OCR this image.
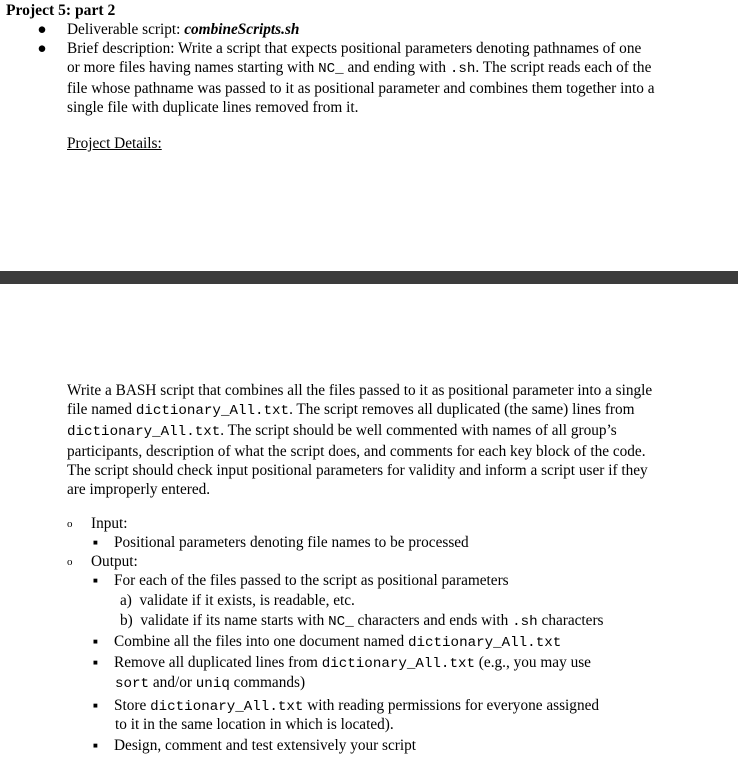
Project 5: part 2
● Deliverable script: combineScripts.sh
● Brief description: Write a script that expects positional parameters denoting pathnames of one or more files having names starting with NC_ and ending with .sh. The script reads each of the file whose pathname was passed to it as positional parameter and combines them together into a single file with duplicate lines removed from it.
Project Details:
Write a BASH script that combines all the files passed to it as positional parameter into a single file named dictionary_All.txt. The script removes all duplicated (the same) lines from dictionary_All.txt. The script should be well commented with names of all group’s participants, description of what the script does, and comments for each key block of the code. The script should check input positional parameters for validity and inform a script user if they are improperly entered.
o Input:
■ Positional parameters denoting file names to be processed
o Output:
■ For each of the files passed to the script as positional parameters
a)  validate if it exists, is readable, etc.
b)  validate if its name starts with NC_ characters and ends with .sh characters
■ Combine all the files into one document named dictionary_All.txt
■ Remove all duplicated lines from dictionary_All.txt (e.g., you may use
sort and/or uniq commands)
■ Store dictionary_All.txt with reading permissions for everyone assigned
to it in the same location in which is located).
■ Design, comment and test extensively your script
